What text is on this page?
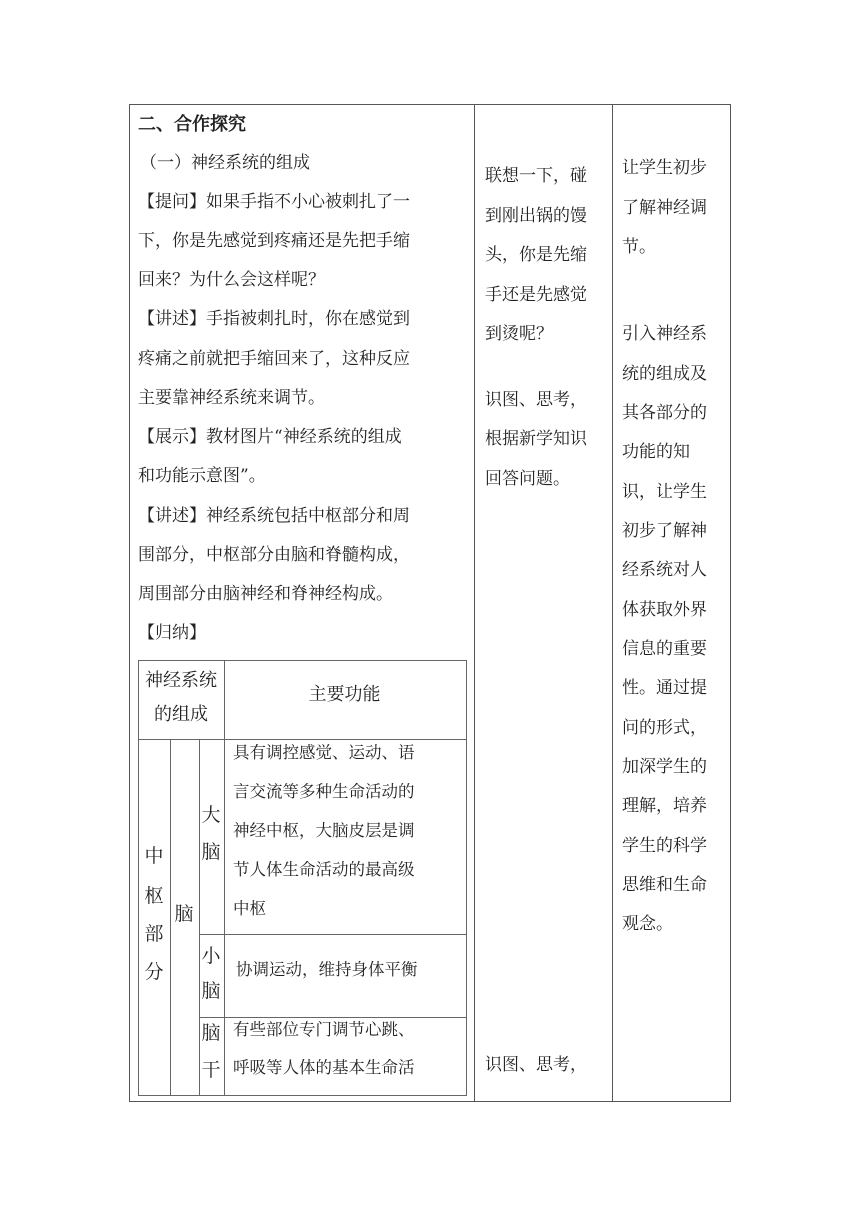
二、合作探究
（一）神经系统的组成
【提问】如果手指不小心被刺扎了一
下，你是先感觉到疼痛还是先把手缩
回来？为什么会这样呢？
【讲述】手指被刺扎时，你在感觉到
疼痛之前就把手缩回来了，这种反应
主要靠神经系统来调节。
【展示】教材图片“神经系统的组成
和功能示意图”。
【讲述】神经系统包括中枢部分和周
围部分，中枢部分由脑和脊髓构成，
周围部分由脑神经和脊神经构成。
【归纳】
神经系统
的组成
主要功能
中
枢
部
分
脑
大
脑
具有调控感觉、运动、语
言交流等多种生命活动的
神经中枢，大脑皮层是调
节人体生命活动的最高级
中枢
小
脑
协调运动，维持身体平衡
脑
干
有些部位专门调节心跳、
呼吸等人体的基本生命活
联想一下，碰
到刚出锅的馒
头，你是先缩
手还是先感觉
到烫呢？
识图、思考，
根据新学知识
回答问题。
识图、思考，
让学生初步
了解神经调
节。
引入神经系
统的组成及
其各部分的
功能的知
识，让学生
初步了解神
经系统对人
体获取外界
信息的重要
性。通过提
问的形式，
加深学生的
理解，培养
学生的科学
思维和生命
观念。
